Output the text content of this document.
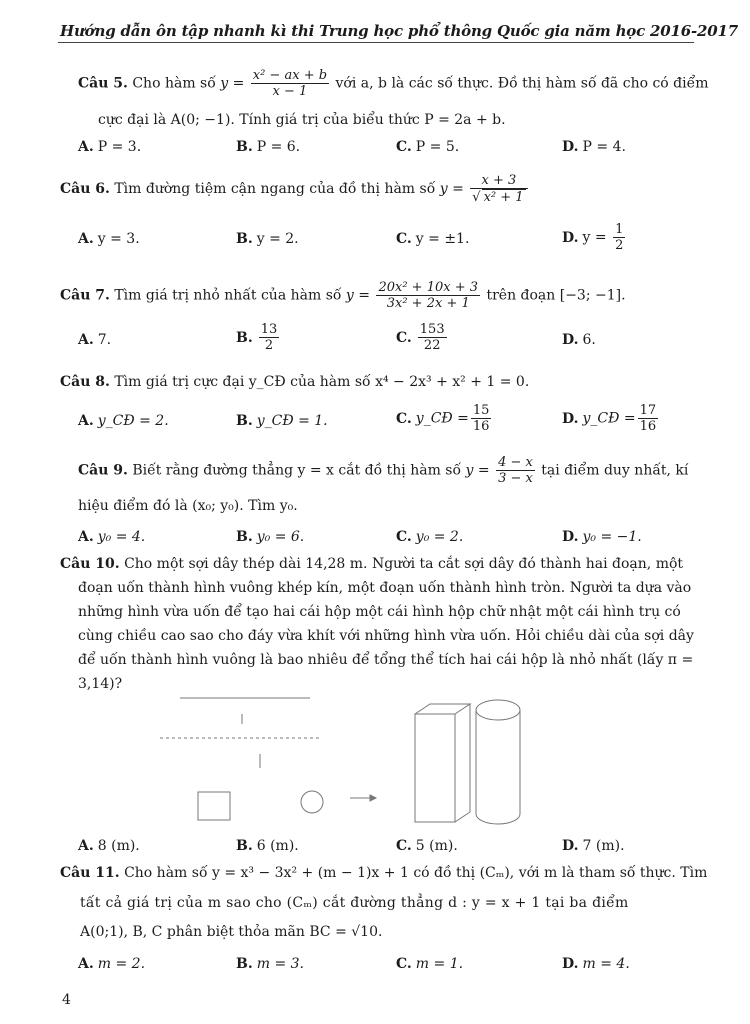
Hướng dẫn ôn tập nhanh kì thi Trung học phổ thông Quốc gia năm học 2016-2017
Câu 5. Cho hàm số $y = \frac{\text{x² − ax + b}}{x - 1}$ với a, b là các số thực. Đồ thị hàm số đã cho có điểm
cực đại là A(0; −1). Tính giá trị của biểu thức P = 2a + b.
A. P = 3.	B. P = 6.	C. P = 5.	D. P = 4.
Câu 6. Tìm đường tiệm cận ngang của đồ thị hàm số $y = \frac{x + 3}{\text{√ x² + 1}}$
A. y = 3.	B. y = 2.	C. y = ±1.	D. $y = \frac{1}{2}$
Câu 7. Tìm giá trị nhỏ nhất của hàm số $y = \frac{\text{20x² + 10x + 3}}{\text{3x² + 2x + 1}}$ trên đoạn [−3; −1].
A. 7.	B. $\frac{13}{2}$	C. $\frac{153}{22}$	D. 6.
Câu 8. Tìm giá trị cực đại y_CĐ của hàm số x⁴ − 2x³ + x² + 1 = 0.
A. y_CĐ = 2.	B. y_CĐ = 1.	C. y_CĐ = $\frac{15}{16}$	D. y_CĐ = $\frac{17}{16}$
Câu 9. Biết rằng đường thẳng y = x cắt đồ thị hàm số $y = \frac{4 - x}{3 - x}$ tại điểm duy nhất, kí
hiệu điểm đó là (x₀; y₀). Tìm y₀.
A. y₀ = 4.	B. y₀ = 6.	C. y₀ = 2.	D. y₀ = −1.
Câu 10. Cho một sợi dây thép dài 14,28 m. Người ta cắt sợi dây đó thành hai đoạn, một đoạn uốn thành hình vuông khép kín, một đoạn uốn thành hình tròn. Người ta dựa vào những hình vừa uốn để tạo hai cái hộp một cái hình hộp chữ nhật một cái hình trụ có cùng chiều cao sao cho đáy vừa khít với những hình vừa uốn. Hỏi chiều dài của sợi dây để uốn thành hình vuông là bao nhiêu để tổng thể tích hai cái hộp là nhỏ nhất (lấy π = 3,14)?
A. 8 (m).	B. 6 (m).	C. 5 (m).	D. 7 (m).
Câu 11. Cho hàm số y = x³ − 3x² + (m − 1)x + 1 có đồ thị (Cₘ), với m là tham số thực. Tìm
tất cả giá trị của m sao cho (Cₘ) cắt đường thẳng d : y = x + 1 tại ba điểm
A(0;1), B, C phân biệt thỏa mãn BC = √10.
A. m = 2.	B. m = 3.	C. m = 1.	D. m = 4.
4
